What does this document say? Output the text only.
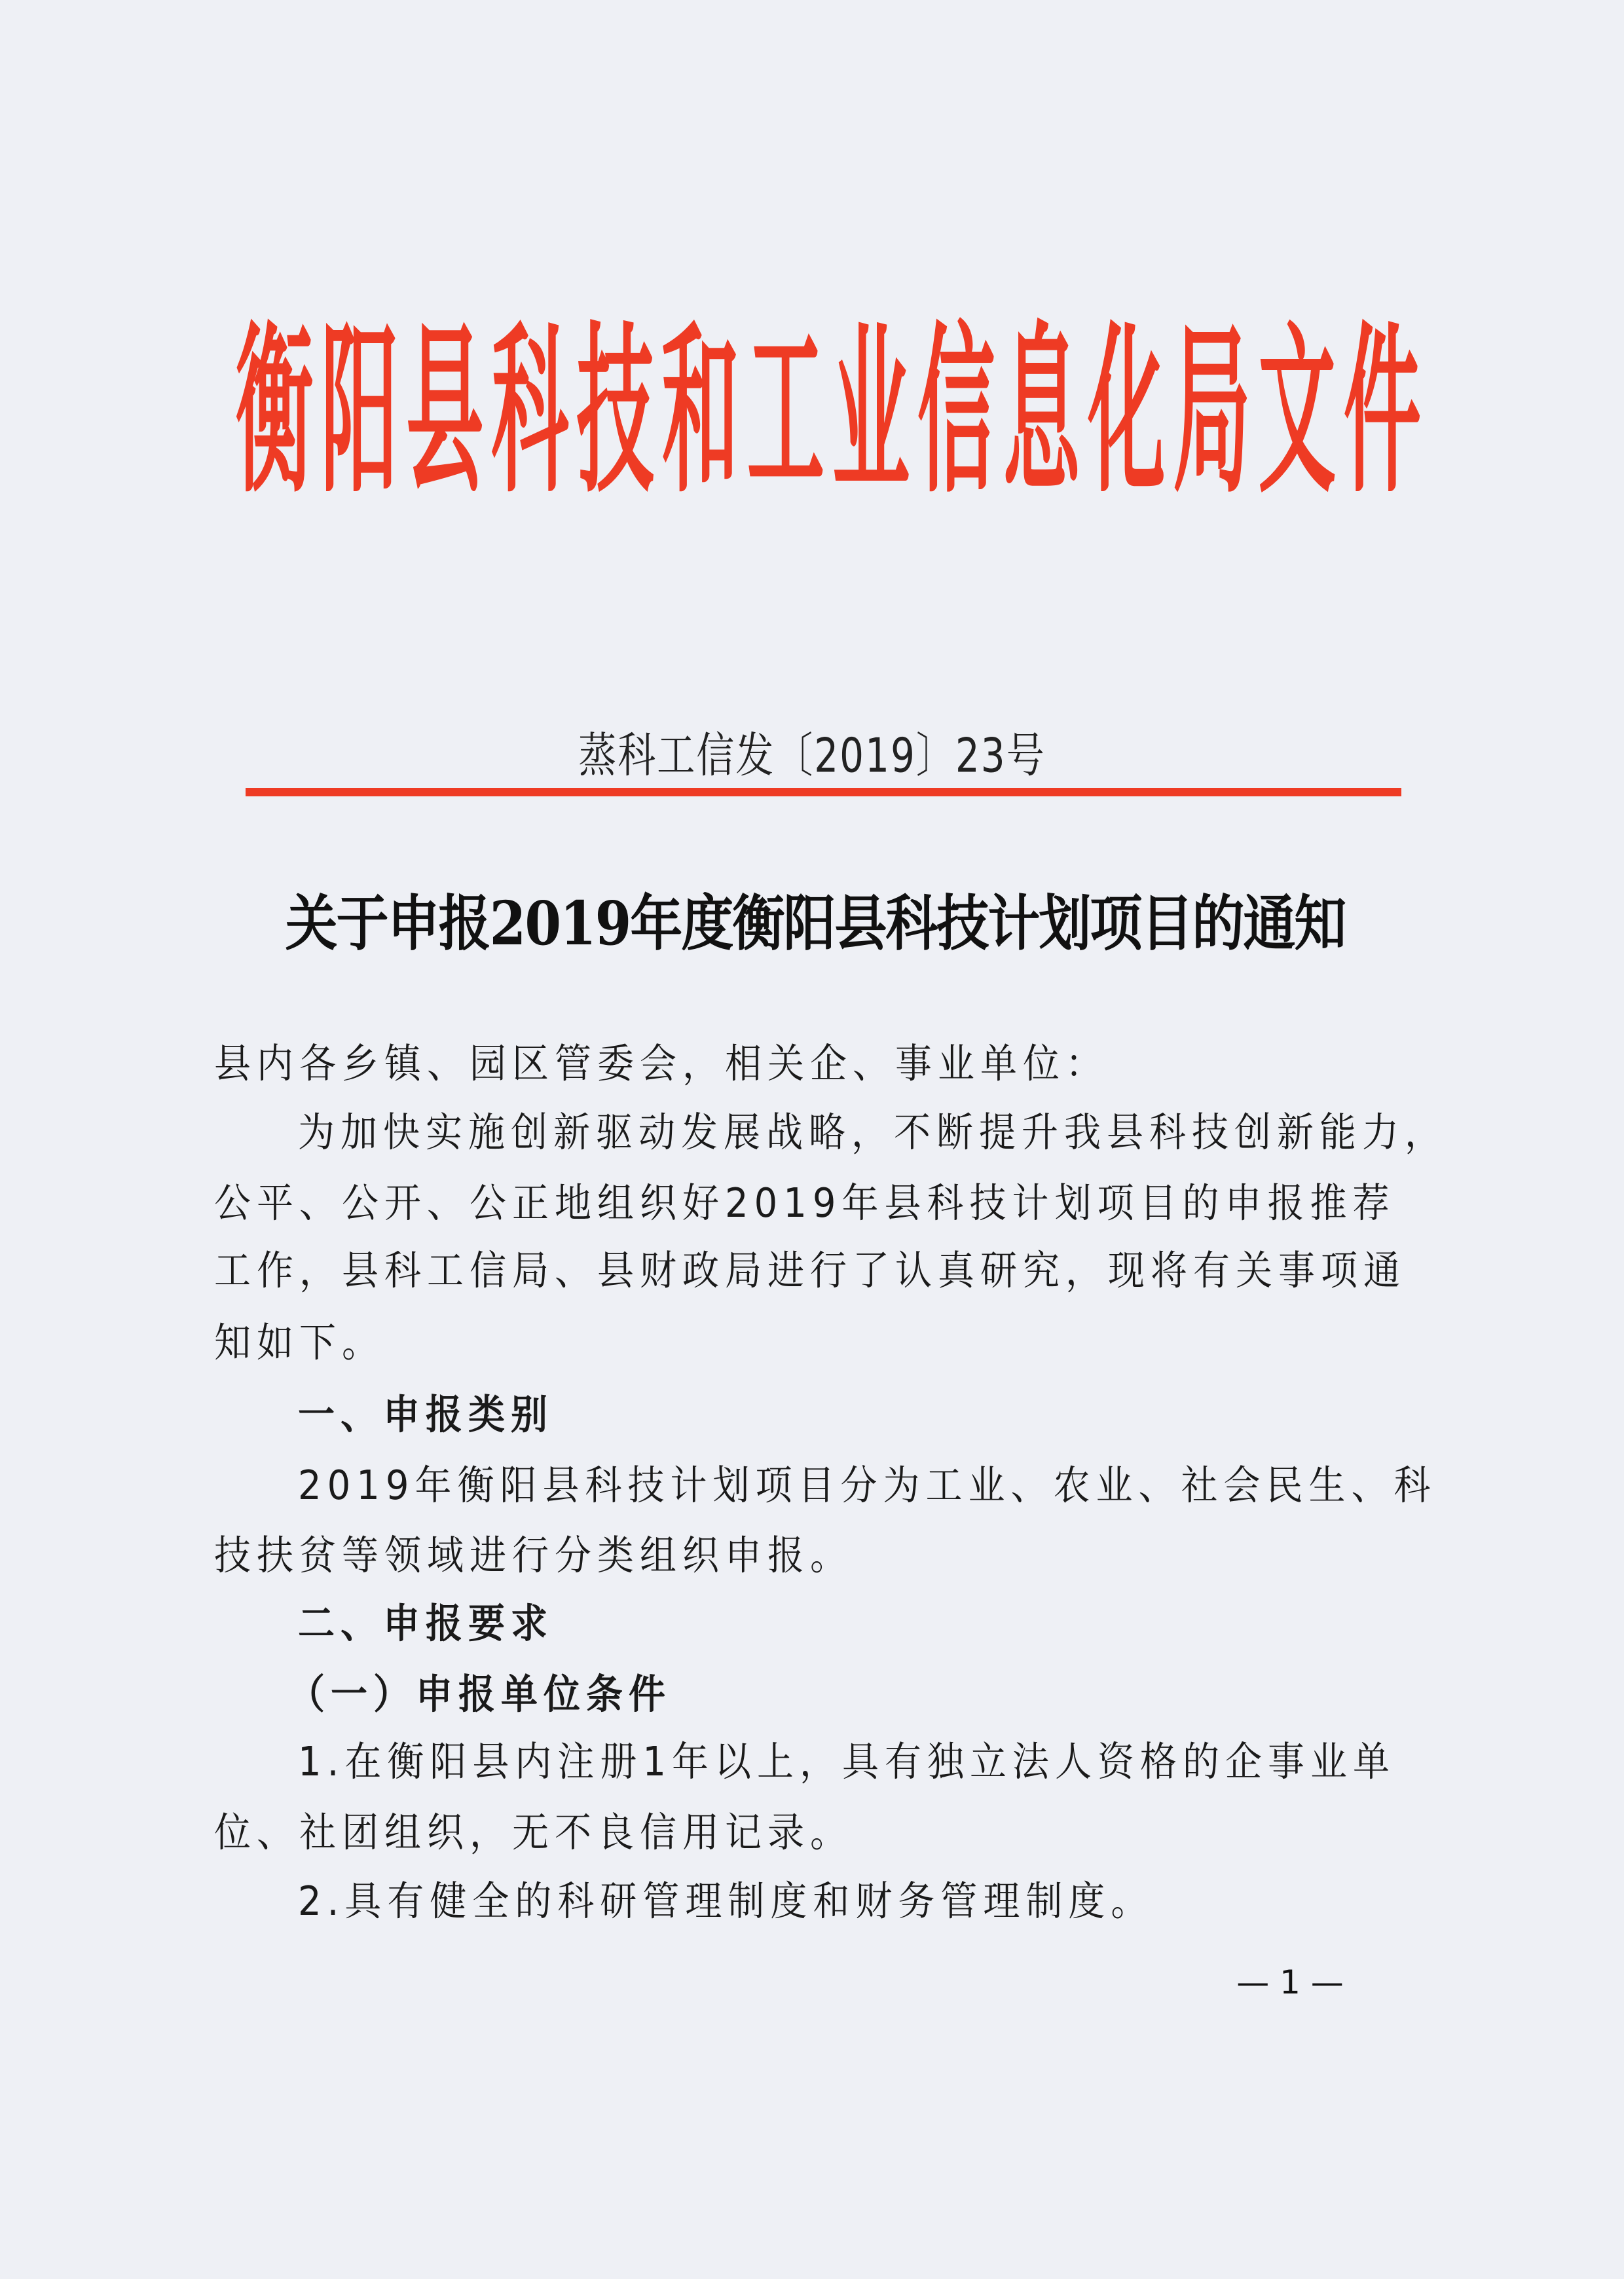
衡 阳 县 科 技 和 工 业 信 息 化 局 文 件
蒸科工信发〔2019〕23号
关于申报2019年度衡阳县科技计划项目的通知
县内各乡镇、园区管委会，相关企、事业单位：
为加快实施创新驱动发展战略，不断提升我县科技创新能力，
公平、公开、公正地组织好2019年县科技计划项目的申报推荐
工作，县科工信局、县财政局进行了认真研究，现将有关事项通
知如下。
一、申报类别
2019年衡阳县科技计划项目分为工业、农业、社会民生、科
技扶贫等领域进行分类组织申报。
二、申报要求
（一）申报单位条件
1.在衡阳县内注册1年以上，具有独立法人资格的企事业单
位、社团组织，无不良信用记录。
2.具有健全的科研管理制度和财务管理制度。
— 1 —
